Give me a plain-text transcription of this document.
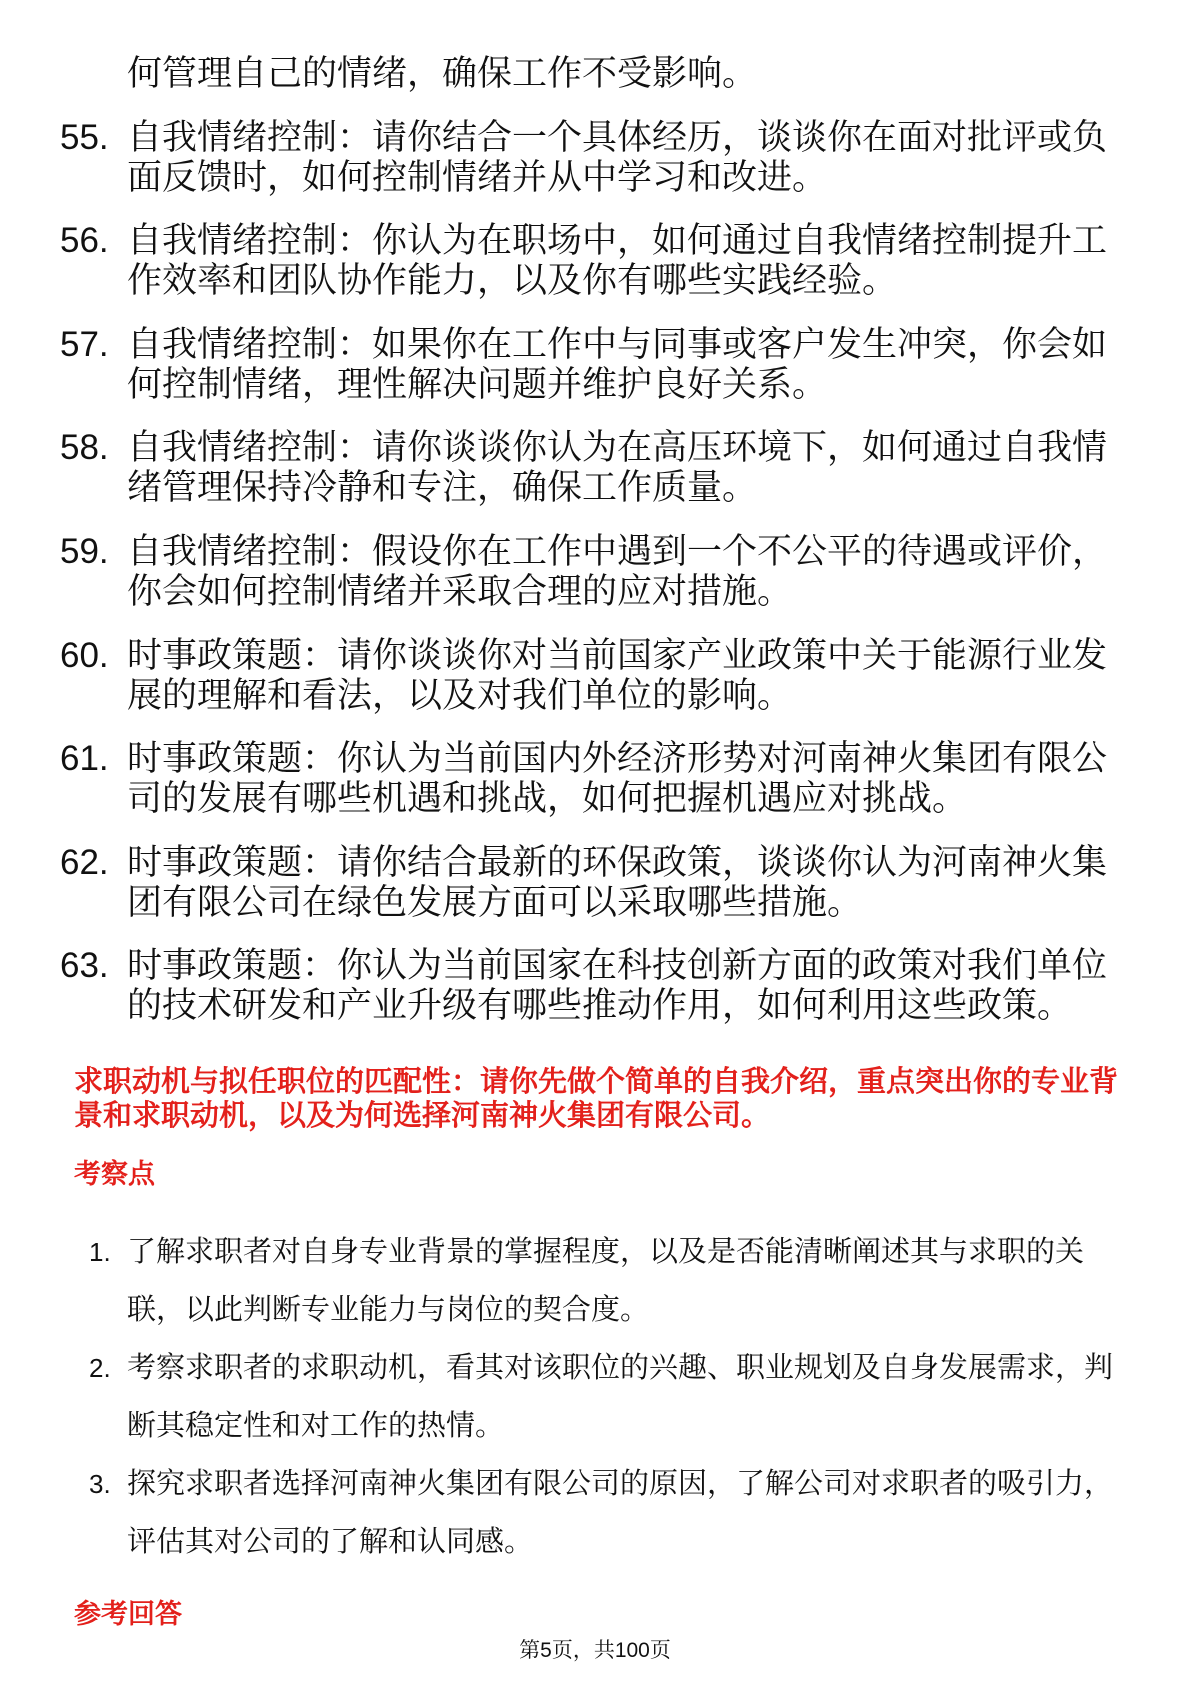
何管理自己的情绪，确保工作不受影响。
55. 自我情绪控制：请你结合一个具体经历，谈谈你在面对批评或负
面反馈时，如何控制情绪并从中学习和改进。
56. 自我情绪控制：你认为在职场中，如何通过自我情绪控制提升工
作效率和团队协作能力，以及你有哪些实践经验。
57. 自我情绪控制：如果你在工作中与同事或客户发生冲突，你会如
何控制情绪，理性解决问题并维护良好关系。
58. 自我情绪控制：请你谈谈你认为在高压环境下，如何通过自我情
绪管理保持冷静和专注，确保工作质量。
59. 自我情绪控制：假设你在工作中遇到一个不公平的待遇或评价，
你会如何控制情绪并采取合理的应对措施。
60. 时事政策题：请你谈谈你对当前国家产业政策中关于能源行业发
展的理解和看法，以及对我们单位的影响。
61. 时事政策题：你认为当前国内外经济形势对河南神火集团有限公
司的发展有哪些机遇和挑战，如何把握机遇应对挑战。
62. 时事政策题：请你结合最新的环保政策，谈谈你认为河南神火集
团有限公司在绿色发展方面可以采取哪些措施。
63. 时事政策题：你认为当前国家在科技创新方面的政策对我们单位
的技术研发和产业升级有哪些推动作用，如何利用这些政策。
求职动机与拟任职位的匹配性：请你先做个简单的自我介绍，重点突出你的专业背
景和求职动机，以及为何选择河南神火集团有限公司。
考察点
1. 了解求职者对自身专业背景的掌握程度，以及是否能清晰阐述其与求职的关
联，以此判断专业能力与岗位的契合度。
2. 考察求职者的求职动机，看其对该职位的兴趣、职业规划及自身发展需求，判
断其稳定性和对工作的热情。
3. 探究求职者选择河南神火集团有限公司的原因，了解公司对求职者的吸引力，
评估其对公司的了解和认同感。
参考回答
第5页，共100页
